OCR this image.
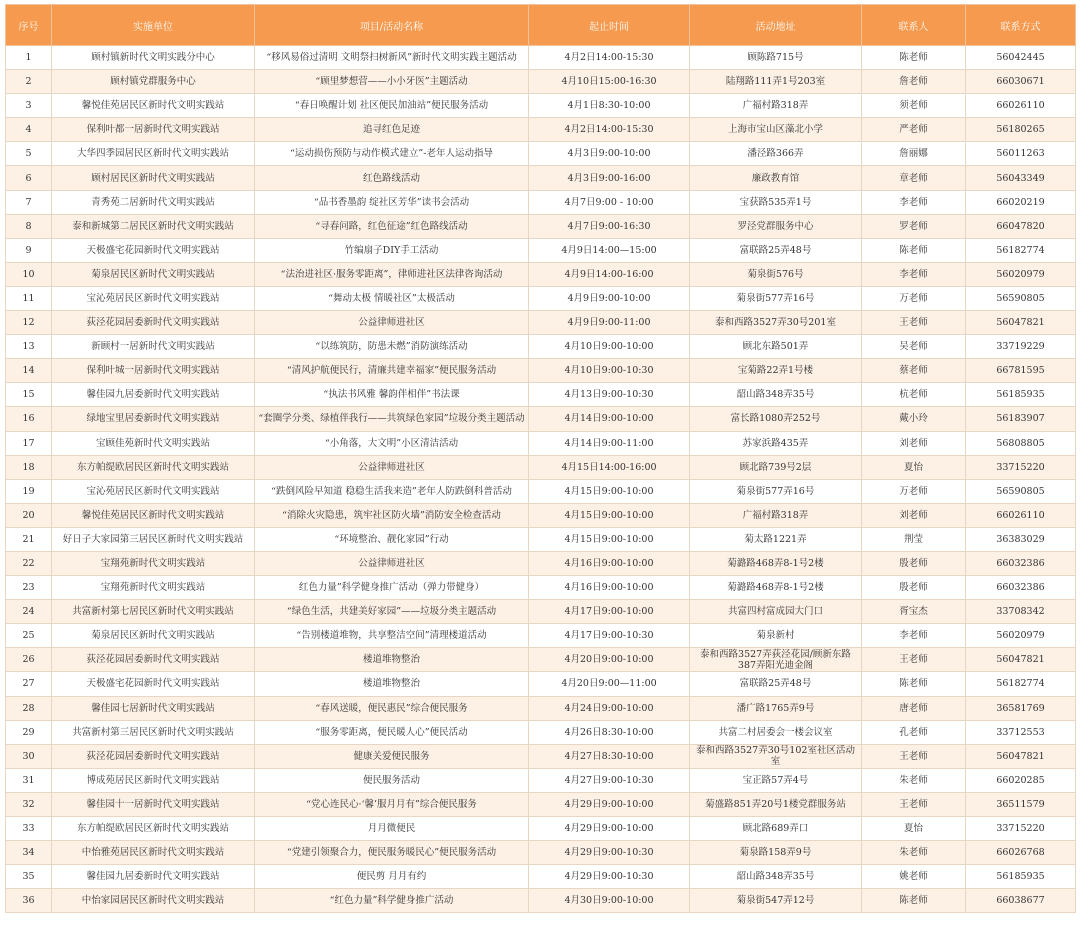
序号	实施单位	项目/活动名称	起止时间	活动地址	联系人	联系方式
1	顾村镇新时代文明实践分中心	“移风易俗过清明 文明祭扫树新风”新时代文明实践主题活动	4月2日14:00-15:30	顾陈路715号	陈老师	56042445
2	顾村镇党群服务中心	“顾里梦想营——小小牙医”主题活动	4月10日15:00-16:30	陆翔路111弄1号203室	詹老师	66030671
3	馨悦佳苑居民区新时代文明实践站	“春日唤醒计划 社区便民加油站”便民服务活动	4月1日8:30-10:00	广福村路318弄	须老师	66026110
4	保利叶都一居新时代文明实践站	追寻红色足迹	4月2日14:00-15:30	上海市宝山区藻北小学	严老师	56180265
5	大华四季园居民区新时代文明实践站	“运动损伤预防与动作模式建立”-老年人运动指导	4月3日9:00-10:00	潘泾路366弄	詹丽娜	56011263
6	顾村居民区新时代文明实践站	红色路线活动	4月3日9:00-16:00	廉政教育馆	章老师	56043349
7	青秀苑二居新时代文明实践站	“品书香墨韵 绽社区芳华”读书会活动	4月7日9:00 - 10:00	宝获路535弄1号	李老师	66020219
8	泰和新城第二居民区新时代文明实践站	“寻春问路，红色征途”红色路线活动	4月7日9:00-16:30	罗泾党群服务中心	罗老师	66047820
9	天极盛宅花园新时代文明实践站	竹编扇子DIY手工活动	4月9日14:00—15:00	富联路25弄48号	陈老师	56182774
10	菊泉居民区新时代文明实践站	“法治进社区·服务零距离”，律师进社区法律咨询活动	4月9日14:00-16:00	菊泉街576号	李老师	56020979
11	宝沁苑居民区新时代文明实践站	“舞动太极 情暖社区”太极活动	4月9日9:00-10:00	菊泉街577弄16号	万老师	56590805
12	荻泾花园居委新时代文明实践站	公益律师进社区	4月9日9:00-11:00	泰和西路3527弄30号201室	王老师	56047821
13	新顾村一居新时代文明实践站	“以练筑防，防患未燃”消防演练活动	4月10日9:00-10:00	顾北东路501弄	吴老师	33719229
14	保利叶城一居新时代文明实践站	“清风护航便民行，清廉共建幸福家”便民服务活动	4月10日9:00-10:30	宝菊路22弄1号楼	蔡老师	66781595
15	馨佳园九居委新时代文明实践站	“执法书风雅 馨韵伴相伴”书法课	4月13日9:00-10:30	韶山路348弄35号	杭老师	56185935
16	绿地宝里居委新时代文明实践站	“套圈学分类、绿植伴我行——共筑绿色家园”垃圾分类主题活动	4月14日9:00-10:00	富长路1080弄252号	戴小玲	56183907
17	宝顾佳苑新时代文明实践站	“小角落，大文明”小区清洁活动	4月14日9:00-11:00	苏家浜路435弄	刘老师	56808805
18	东方帕缇欧居民区新时代文明实践站	公益律师进社区	4月15日14:00-16:00	顾北路739号2层	夏怡	33715220
19	宝沁苑居民区新时代文明实践站	“跌倒风险早知道 稳稳生活我来造”老年人防跌倒科普活动	4月15日9:00-10:00	菊泉街577弄16号	万老师	56590805
20	馨悦佳苑居民区新时代文明实践站	“消除火灾隐患，筑牢社区防火墙”消防安全检查活动	4月15日9:00-10:00	广福村路318弄	刘老师	66026110
21	好日子大家园第三居民区新时代文明实践站	“环境整治、靓化家园”行动	4月15日9:00-10:00	菊太路1221弄	荆莹	36383029
22	宝翔苑新时代文明实践站	公益律师进社区	4月16日9:00-10:00	菊潞路468弄8-1号2楼	殷老师	66032386
23	宝翔苑新时代文明实践站	红色力量”科学健身推广活动（弹力带健身）	4月16日9:00-10:00	菊潞路468弄8-1号2楼	殷老师	66032386
24	共富新村第七居民区新时代文明实践站	“绿色生活，共建美好家园”——垃圾分类主题活动	4月17日9:00-10:00	共富四村富成园大门口	胥宝杰	33708342
25	菊泉居民区新时代文明实践站	“告别楼道堆物，共享整洁空间”清理楼道活动	4月17日9:00-10:30	菊泉新村	李老师	56020979
26	荻泾花园居委新时代文明实践站	楼道堆物整治	4月20日9:00-10:00	泰和西路3527弄荻泾花园/顾新东路387弄阳光迪金阁	王老师	56047821
27	天极盛宅花园新时代文明实践站	楼道堆物整治	4月20日9:00—11:00	富联路25弄48号	陈老师	56182774
28	馨佳园七居新时代文明实践站	“春风送暖，便民惠民”综合便民服务	4月24日9:00-10:00	潘广路1765弄9号	唐老师	36581769
29	共富新村第三居民区新时代文明实践站	“服务零距离，便民暖人心”便民活动	4月26日8:30-10:00	共富二村居委会一楼会议室	孔老师	33712553
30	荻泾花园居委新时代文明实践站	健康关爱便民服务	4月27日8:30-10:00	泰和西路3527弄30号102室社区活动室	王老师	56047821
31	博成苑居民区新时代文明实践站	便民服务活动	4月27日9:00-10:30	宝正路57弄4号	朱老师	66020285
32	馨佳园十一居新时代文明实践站	“党心连民心·‘馨’服月月有”综合便民服务	4月29日9:00-10:00	菊盛路851弄20号1楼党群服务站	王老师	36511579
33	东方帕缇欧居民区新时代文明实践站	月月微便民	4月29日9:00-10:00	顾北路689弄口	夏怡	33715220
34	中怡雅苑居民区新时代文明实践站	“党建引领聚合力，便民服务暖民心”便民服务活动	4月29日9:00-10:30	菊泉路158弄9号	朱老师	66026768
35	馨佳园九居委新时代文明实践站	便民剪 月月有约	4月29日9:00-10:30	韶山路348弄35号	姚老师	56185935
36	中怡家园居民区新时代文明实践站	“红色力量”科学健身推广活动	4月30日9:00-10:00	菊泉街547弄12号	陈老师	66038677
